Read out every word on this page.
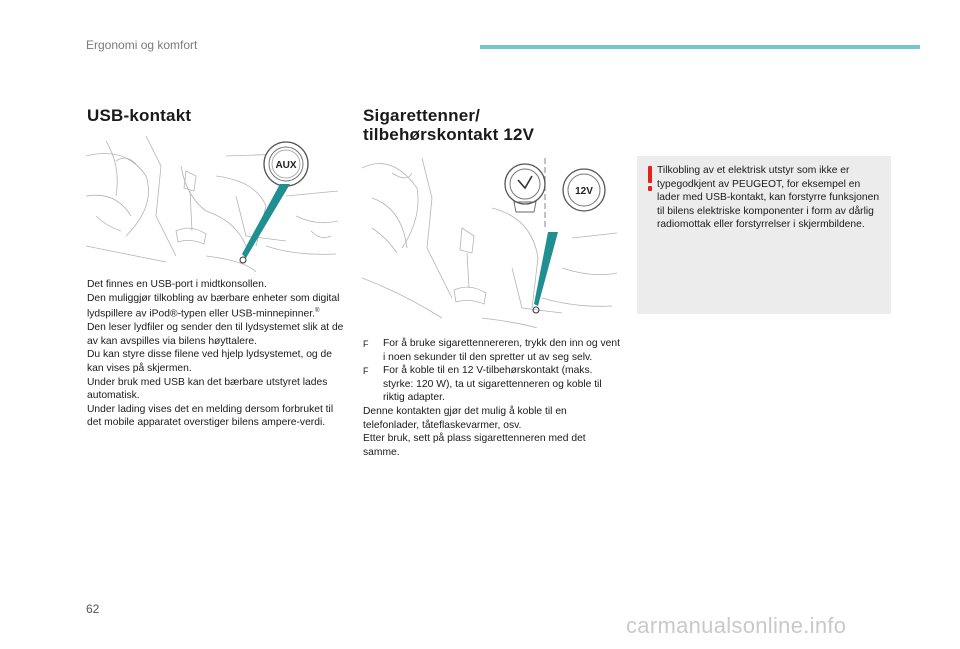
Ergonomi og komfort
USB-kontakt
AUX
Det finnes en USB-port i midtkonsollen.
Den muliggjør tilkobling av bærbare enheter som digital lydspillere av iPod®-typen eller USB-minnepinner.®
Den leser lydfiler og sender den til lydsystemet slik at de av kan avspilles via bilens høyttalere.
Du kan styre disse filene ved hjelp lydsystemet, og de kan vises på skjermen.
Under bruk med USB kan det bærbare utstyret lades automatisk.
Under lading vises det en melding dersom forbruket til det mobile apparatet overstiger bilens ampere-verdi.
Sigarettenner/
tilbehørskontakt 12V
12V
F	For å bruke sigarettennereren, trykk den inn og vent i noen sekunder til den spretter ut av seg selv.
F	For å koble til en 12 V-tilbehørskontakt (maks. styrke: 120 W), ta ut sigarettenneren og koble til riktig adapter.
Denne kontakten gjør det mulig å koble til en telefonlader, tåteflaskevarmer, osv.
Etter bruk, sett på plass sigarettenneren med det samme.
Tilkobling av et elektrisk utstyr som ikke er typegodkjent av PEUGEOT, for eksempel en lader med USB-kontakt, kan forstyrre funksjonen til bilens elektriske komponenter i form av dårlig radiomottak eller forstyrrelser i skjermbildene.
62
carmanualsonline.info
